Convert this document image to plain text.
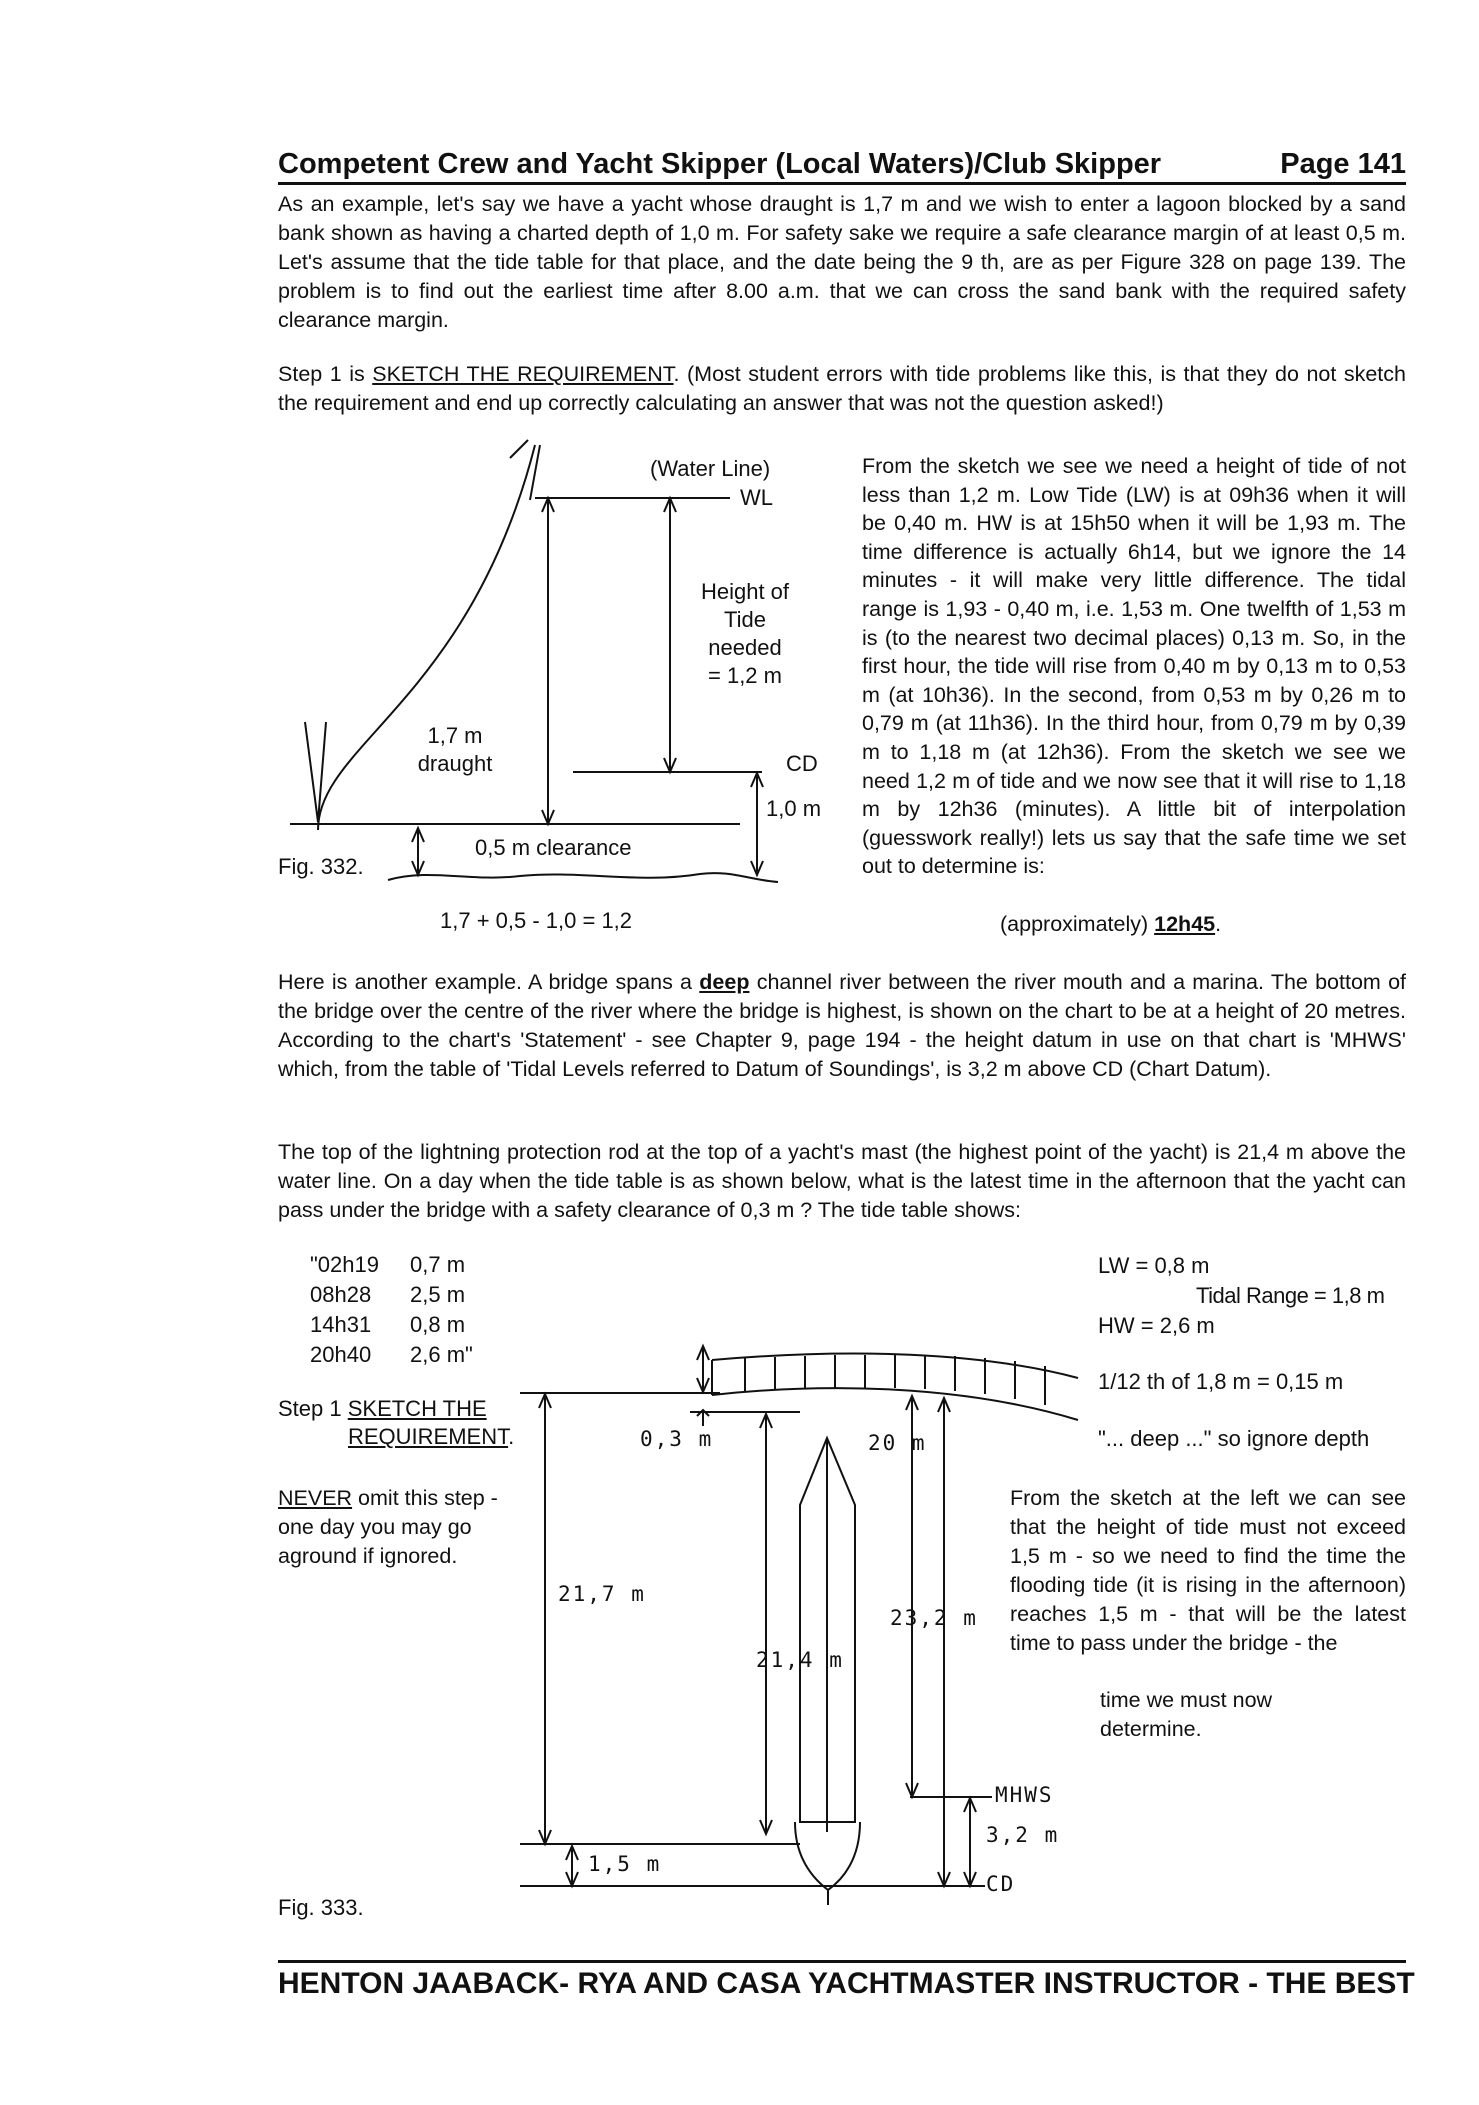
Competent Crew and Yacht Skipper (Local Waters)/Club Skipper	Page 141
As an example, let's say we have a yacht whose draught is 1,7 m and we wish to enter a lagoon blocked by a sand bank shown as having a charted depth of 1,0 m. For safety sake we require a safe clearance margin of at least 0,5 m. Let's assume that the tide table for that place, and the date being the 9 th, are as per Figure 328 on page 139. The problem is to find out the earliest time after 8.00 a.m. that we can cross the sand bank with the required safety clearance margin.
Step 1 is SKETCH THE REQUIREMENT. (Most student errors with tide problems like this, is that they do not sketch the requirement and end up correctly calculating an answer that was not the question asked!)
(Water Line)
WL
Height of
Tide
needed
= 1,2 m
1,7 m
draught	CD
1,0 m
0,5 m clearance
Fig. 332.
1,7 + 0,5 - 1,0 = 1,2
From the sketch we see we need a height of tide of not less than 1,2 m. Low Tide (LW) is at 09h36 when it will be 0,40 m. HW is at 15h50 when it will be 1,93 m. The time difference is actually 6h14, but we ignore the 14 minutes - it will make very little difference. The tidal range is 1,93 - 0,40 m, i.e. 1,53 m. One twelfth of 1,53 m is (to the nearest two decimal places) 0,13 m. So, in the first hour, the tide will rise from 0,40 m by 0,13 m to 0,53 m (at 10h36). In the second, from 0,53 m by 0,26 m to 0,79 m (at 11h36). In the third hour, from 0,79 m by 0,39 m to 1,18 m (at 12h36). From the sketch we see we need 1,2 m of tide and we now see that it will rise to 1,18 m by 12h36 (minutes). A little bit of interpolation (guesswork really!) lets us say that the safe time we set out to determine is:
(approximately) 12h45.
Here is another example. A bridge spans a deep channel river between the river mouth and a marina. The bottom of the bridge over the centre of the river where the bridge is highest, is shown on the chart to be at a height of 20 metres. According to the chart's 'Statement' - see Chapter 9, page 194 - the height datum in use on that chart is 'MHWS' which, from the table of 'Tidal Levels referred to Datum of Soundings', is 3,2 m above CD (Chart Datum).
The top of the lightning protection rod at the top of a yacht's mast (the highest point of the yacht) is 21,4 m above the water line. On a day when the tide table is as shown below, what is the latest time in the afternoon that the yacht can pass under the bridge with a safety clearance of 0,3 m ? The tide table shows:
"02h19 0,7 m
08h28 2,5 m
14h31 0,8 m
20h40 2,6 m"
LW = 0,8 m
Tidal Range = 1,8 m
HW = 2,6 m
1/12 th of 1,8 m = 0,15 m
"... deep ..." so ignore depth
Step 1 SKETCH THE
REQUIREMENT.
NEVER omit this step - one day you may go aground if ignored.
From the sketch at the left we can see that the height of tide must not exceed 1,5 m - so we need to find the time the flooding tide (it is rising in the afternoon) reaches 1,5 m - that will be the latest time to pass under the bridge - the
time we must now determine.
0,3 m	20 m
21,7 m
23,2 m
21,4 m
MHWS
3,2 m
CD
1,5 m
Fig. 333.
HENTON JAABACK- RYA AND CASA YACHTMASTER INSTRUCTOR - THE BEST
